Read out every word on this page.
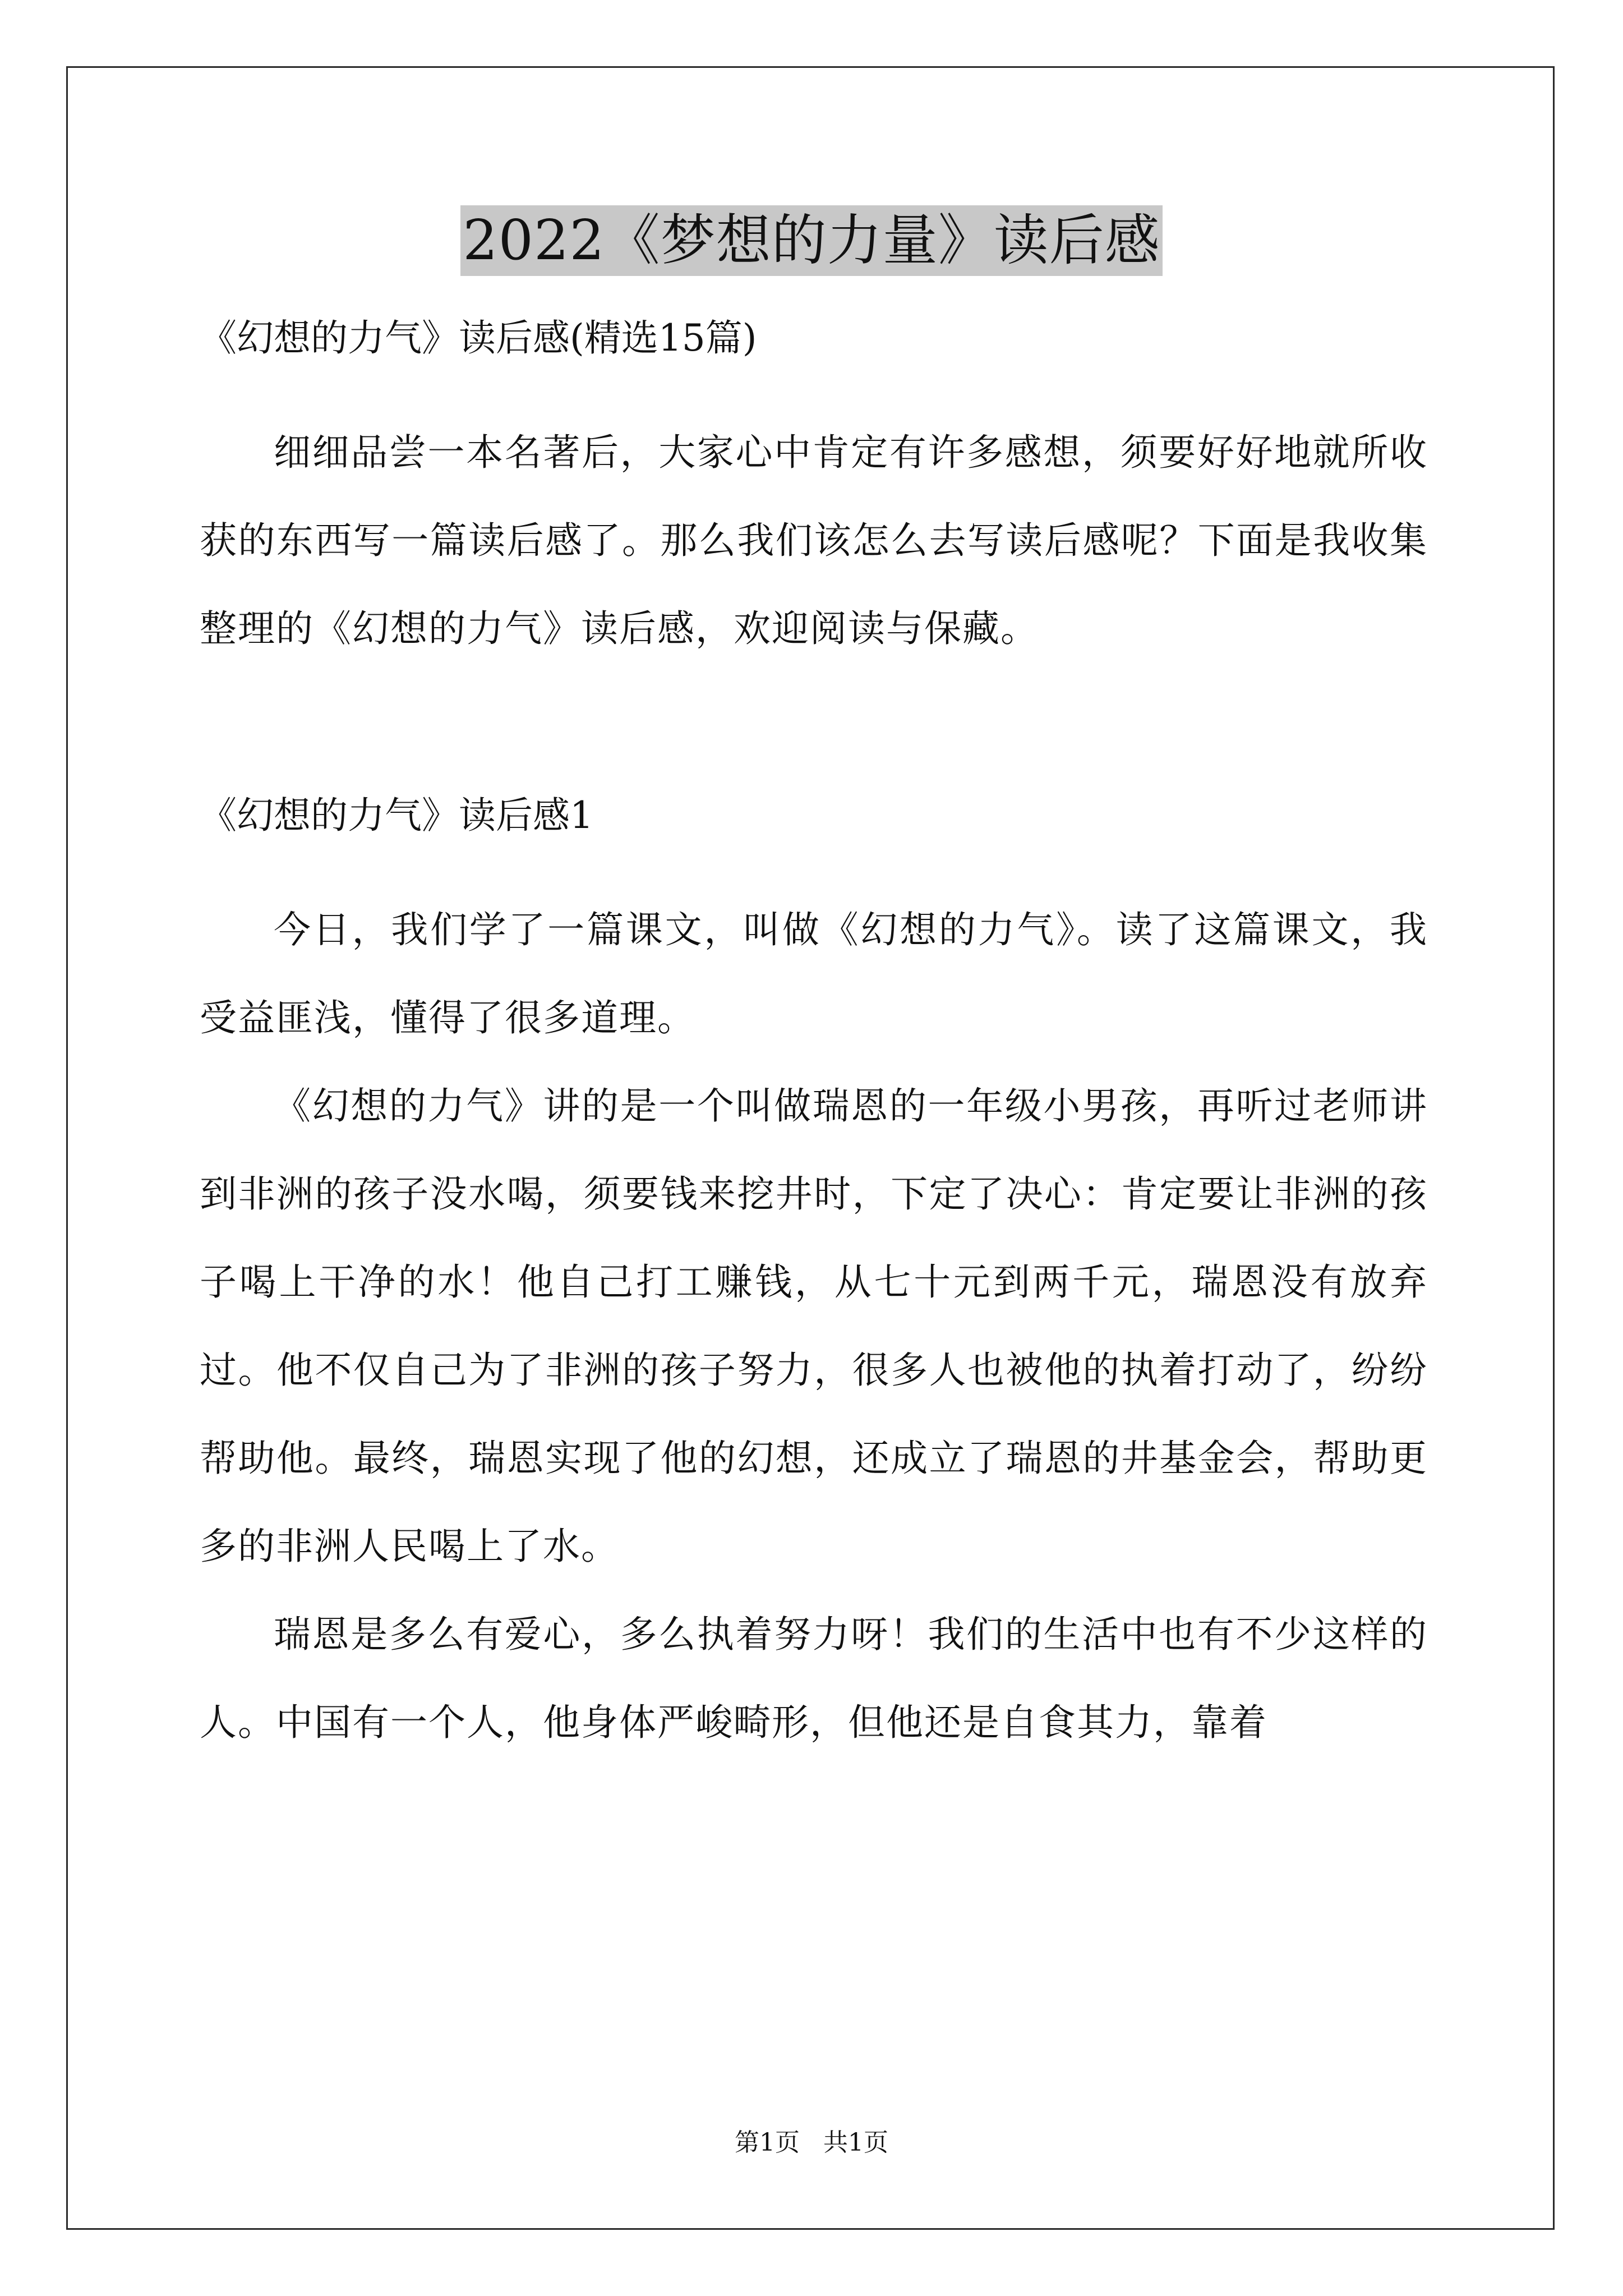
2022《梦想的力量》读后感

《幻想的力气》读后感(精选15篇)

细细品尝一本名著后，大家心中肯定有许多感想，须要好好地就所收获的东西写一篇读后感了。那么我们该怎么去写读后感呢？下面是我收集整理的《幻想的力气》读后感，欢迎阅读与保藏。

《幻想的力气》读后感1

今日，我们学了一篇课文，叫做《幻想的力气》。读了这篇课文，我受益匪浅，懂得了很多道理。

《幻想的力气》讲的是一个叫做瑞恩的一年级小男孩，再听过老师讲到非洲的孩子没水喝，须要钱来挖井时，下定了决心：肯定要让非洲的孩子喝上干净的水！他自己打工赚钱，从七十元到两千元，瑞恩没有放弃过。他不仅自己为了非洲的孩子努力，很多人也被他的执着打动了，纷纷帮助他。最终，瑞恩实现了他的幻想，还成立了瑞恩的井基金会，帮助更多的非洲人民喝上了水。

瑞恩是多么有爱心，多么执着努力呀！我们的生活中也有不少这样的人。中国有一个人，他身体严峻畸形，但他还是自食其力，靠着

第1页   共1页
